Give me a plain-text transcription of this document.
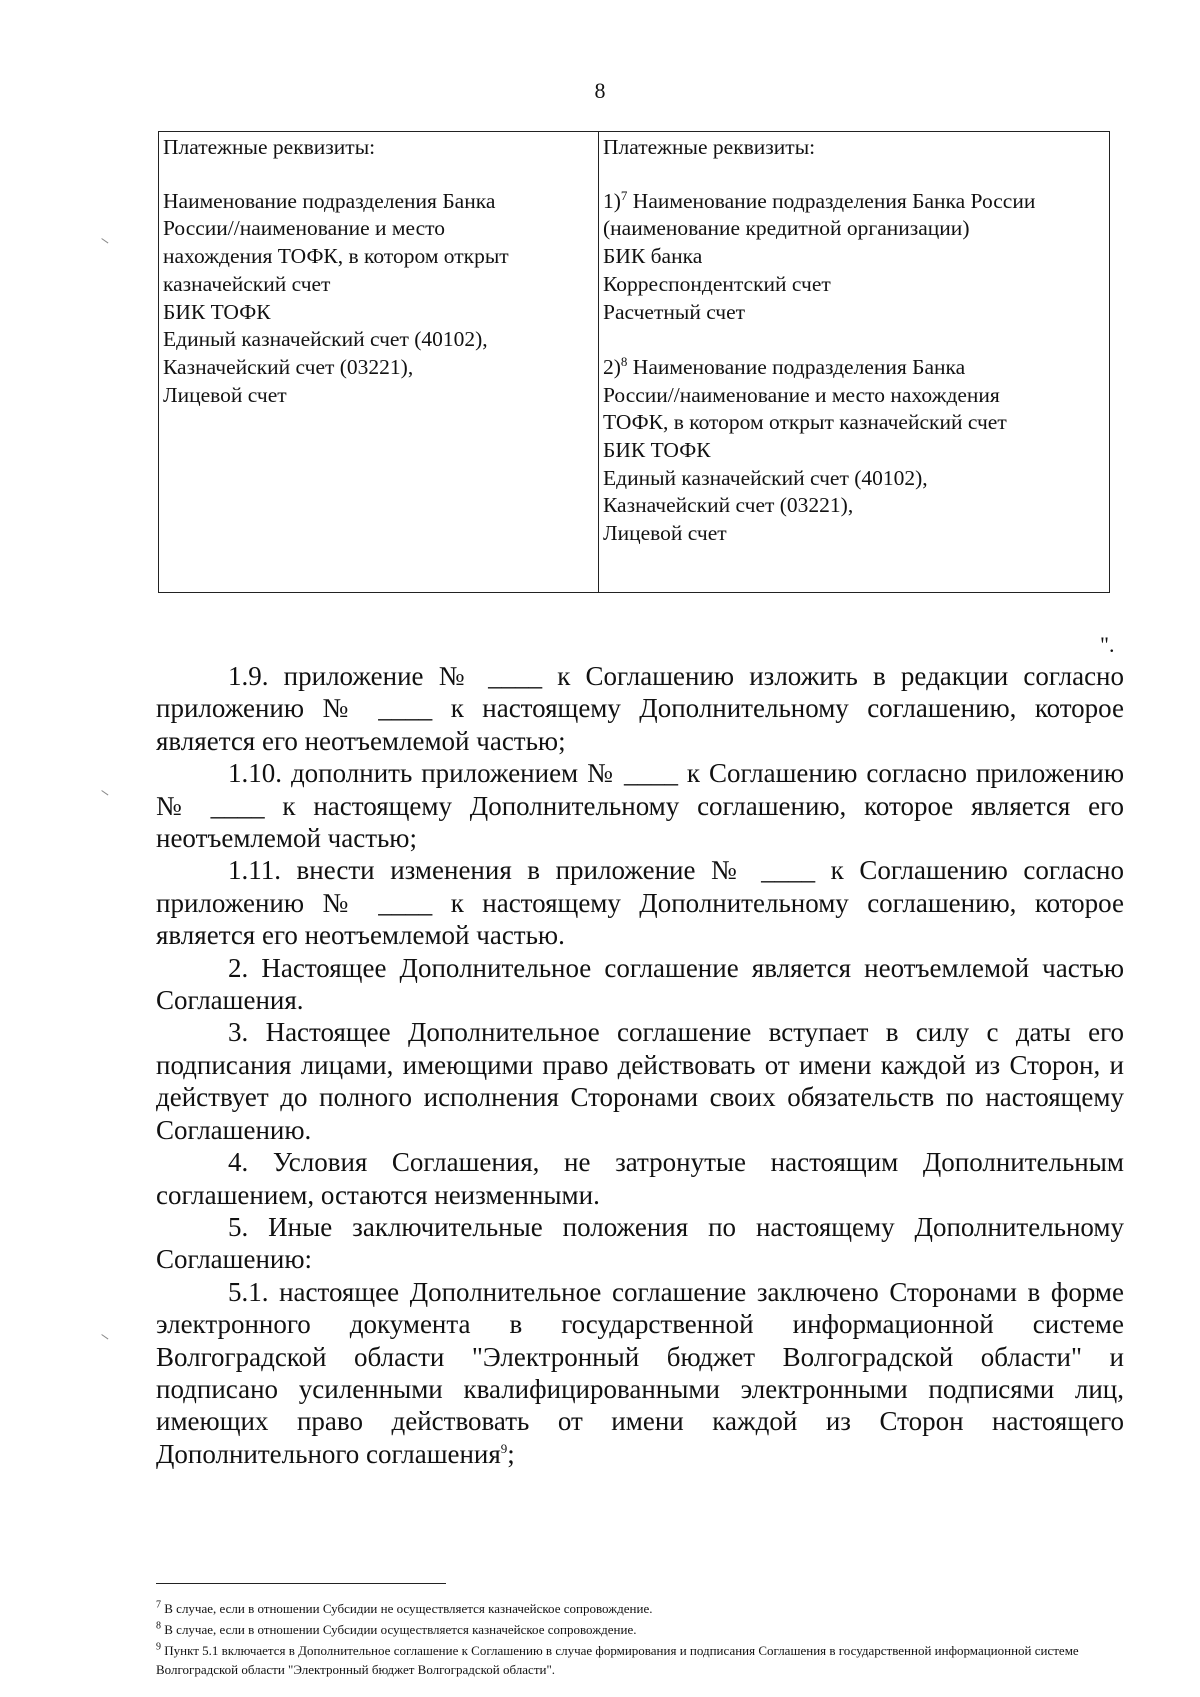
8
Платежные реквизиты:
Наименование подразделения Банка
России//наименование и место
нахождения ТОФК, в котором открыт
казначейский счет
БИК ТОФК
Единый казначейский счет (40102),
Казначейский счет (03221),
Лицевой счет
Платежные реквизиты:
1)$^7$ Наименование подразделения Банка России
(наименование кредитной организации)
БИК банка
Корреспондентский счет
Расчетный счет
2)$^8$ Наименование подразделения Банка
России//наименование и место нахождения
ТОФК, в котором открыт казначейский счет
БИК ТОФК
Единый казначейский счет (40102),
Казначейский счет (03221),
Лицевой счет
".

1.9. приложение № ____ к Соглашению изложить в редакции согласно приложению № ____ к настоящему Дополнительному соглашению, которое является его неотъемлемой частью;

1.10. дополнить приложением № ____ к Соглашению согласно приложению № ____ к настоящему Дополнительному соглашению, которое является его неотъемлемой частью;

1.11. внести изменения в приложение № ____ к Соглашению согласно приложению № ____ к настоящему Дополнительному соглашению, которое является его неотъемлемой частью.

2. Настоящее Дополнительное соглашение является неотъемлемой частью Соглашения.

3. Настоящее Дополнительное соглашение вступает в силу с даты его подписания лицами, имеющими право действовать от имени каждой из Сторон, и действует до полного исполнения Сторонами своих обязательств по настоящему Соглашению.

4. Условия Соглашения, не затронутые настоящим Дополнительным соглашением, остаются неизменными.

5. Иные заключительные положения по настоящему Дополнительному Соглашению:

5.1. настоящее Дополнительное соглашение заключено Сторонами в форме электронного документа в государственной информационной системе Волгоградской области "Электронный бюджет Волгоградской области" и подписано усиленными квалифицированными электронными подписями лиц, имеющих право действовать от имени каждой из Сторон настоящего Дополнительного соглашения$^9$;

$^7$ В случае, если в отношении Субсидии не осуществляется казначейское сопровождение.

$^8$ В случае, если в отношении Субсидии осуществляется казначейское сопровождение.

$^9$ Пункт 5.1 включается в Дополнительное соглашение к Соглашению в случае формирования и подписания Соглашения в государственной информационной системе Волгоградской области "Электронный бюджет Волгоградской области".
